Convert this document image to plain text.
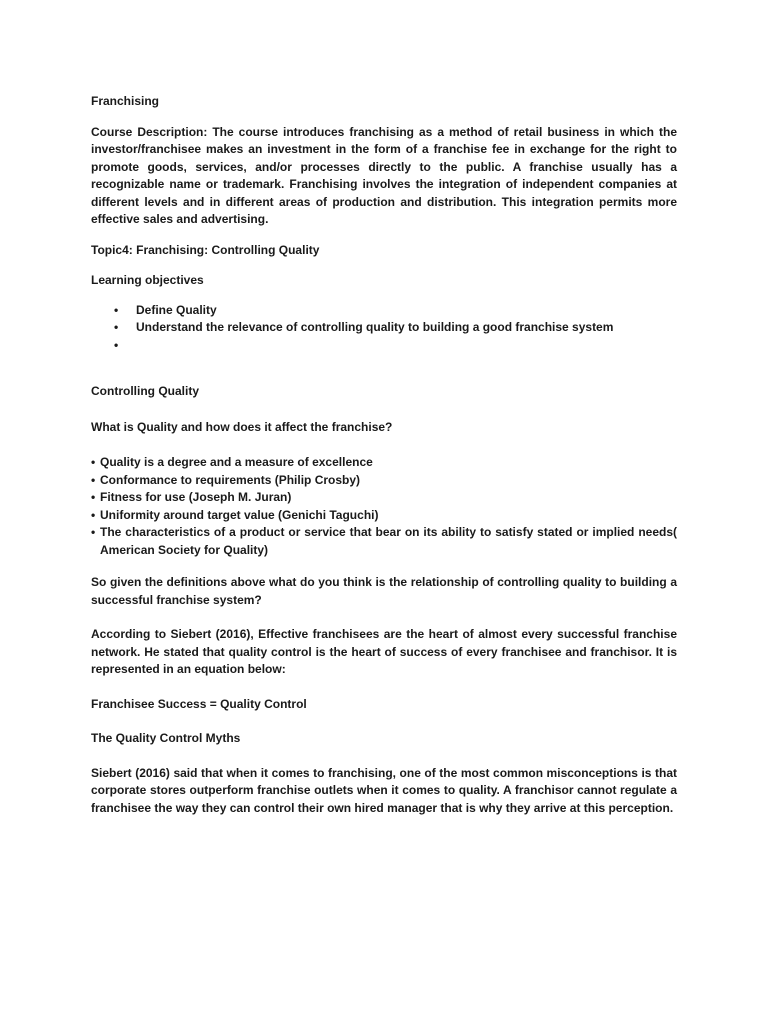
Franchising

Course Description: The course introduces franchising as a method of retail business in which the investor/franchisee makes an investment in the form of a franchise fee in exchange for the right to promote goods, services, and/or processes directly to the public. A franchise usually has a recognizable name or trademark. Franchising involves the integration of independent companies at different levels and in different areas of production and distribution. This integration permits more effective sales and advertising.

Topic4: Franchising: Controlling Quality

Learning objectives

• Define Quality
• Understand the relevance of controlling quality to building a good franchise system
•

Controlling Quality

What is Quality and how does it affect the franchise?

• Quality is a degree and a measure of excellence
• Conformance to requirements (Philip Crosby)
• Fitness for use (Joseph M. Juran)
• Uniformity around target value (Genichi Taguchi)
• The characteristics of a product or service that bear on its ability to satisfy stated or implied needs( American Society for Quality)

So given the definitions above what do you think is the relationship of controlling quality to building a successful franchise system?

According to Siebert (2016), Effective franchisees are the heart of almost every successful franchise network. He stated that quality control is the heart of success of every franchisee and franchisor. It is represented in an equation below:

Franchisee Success = Quality Control

The Quality Control Myths

Siebert (2016) said that when it comes to franchising, one of the most common misconceptions is that corporate stores outperform franchise outlets when it comes to quality. A franchisor cannot regulate a franchisee the way they can control their own hired manager that is why they arrive at this perception.
